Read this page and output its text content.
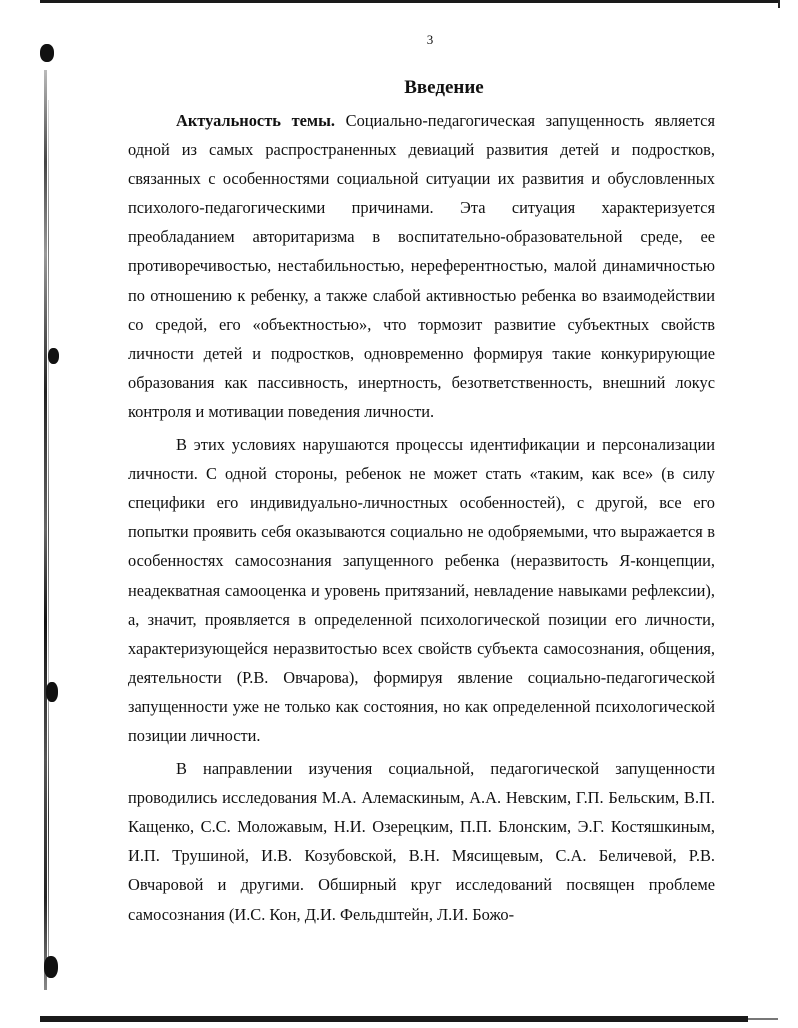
3
Введение

Актуальность темы. Социально-педагогическая запущенность является одной из самых распространенных девиаций развития детей и подростков, связанных с особенностями социальной ситуации их развития и обусловленных психолого-педагогическими причинами. Эта ситуация характеризуется преобладанием авторитаризма в воспитательно-образовательной среде, ее противоречивостью, нестабильностью, нереферентностью, малой динамичностью по отношению к ребенку, а также слабой активностью ребенка во взаимодействии со средой, его «объектностью», что тормозит развитие субъектных свойств личности детей и подростков, одновременно формируя такие конкурирующие образования как пассивность, инертность, безответственность, внешний локус контроля и мотивации поведения личности.

В этих условиях нарушаются процессы идентификации и персонализации личности. С одной стороны, ребенок не может стать «таким, как все» (в силу специфики его индивидуально-личностных особенностей), с другой, все его попытки проявить себя оказываются социально не одобряемыми, что выражается в особенностях самосознания запущенного ребенка (неразвитость Я-концепции, неадекватная самооценка и уровень притязаний, невладение навыками рефлексии), а, значит, проявляется в определенной психологической позиции его личности, характеризующейся неразвитостью всех свойств субъекта самосознания, общения, деятельности (Р.В. Овчарова), формируя явление социально-педагогической запущенности уже не только как состояния, но как определенной психологической позиции личности.

В направлении изучения социальной, педагогической запущенности проводились исследования М.А. Алемаскиным, А.А. Невским, Г.П. Бельским, В.П. Кащенко, С.С. Моложавым, Н.И. Озерецким, П.П. Блонским, Э.Г. Костяшкиным, И.П. Трушиной, И.В. Козубовской, В.Н. Мясищевым, С.А. Беличевой, Р.В. Овчаровой и другими. Обширный круг исследований посвящен проблеме самосознания (И.С. Кон, Д.И. Фельдштейн, Л.И. Божо-
